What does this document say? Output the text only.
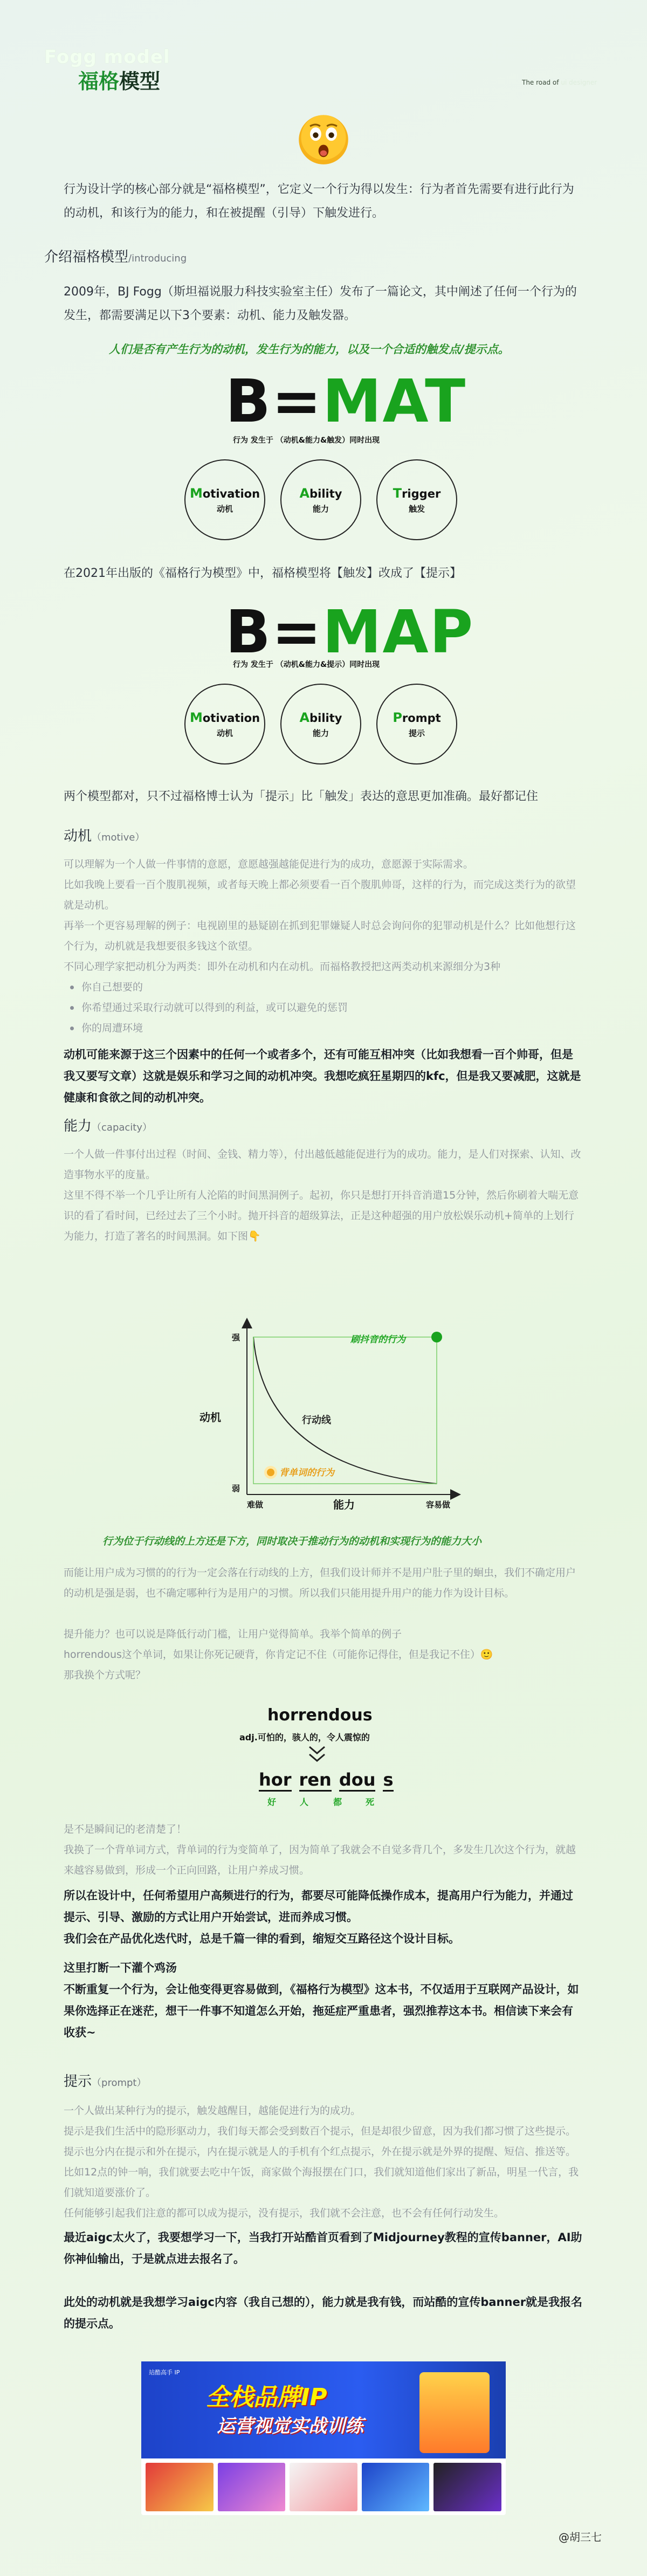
Fogg model
福格模型	The road of ui designer
行为设计学的核心部分就是“福格模型”，它定义一个行为得以发生：行为者首先需要有进行此行为的动机，和该行为的能力，和在被提醒（引导）下触发进行。
介绍福格模型/introducing
2009年，BJ Fogg（斯坦福说服力科技实验室主任）发布了一篇论文，其中阐述了任何一个行为的发生，都需要满足以下3个要素：动机、能力及触发器。
人们是否有产生行为的动机，发生行为的能力，以及一个合适的触发点/提示点。
B=MAT
行为 发生于 （动机&能力&触发）同时出现
Motivation
动机
Ability
能力
Trigger
触发
在2021年出版的《福格行为模型》中，福格模型将【触发】改成了【提示】
B=MAP
行为 发生于 （动机&能力&提示）同时出现
Motivation
动机
Ability
能力
Prompt
提示
两个模型都对，只不过福格博士认为「提示」比「触发」表达的意思更加准确。最好都记住
动机（motive）
可以理解为一个人做一件事情的意愿，意愿越强越能促进行为的成功，意愿源于实际需求。
比如我晚上要看一百个腹肌视频，或者每天晚上都必须要看一百个腹肌帅哥，这样的行为，而完成这类行为的欲望就是动机。
再举一个更容易理解的例子：电视剧里的悬疑剧在抓到犯罪嫌疑人时总会询问你的犯罪动机是什么？比如他想行这个行为，动机就是我想要很多钱这个欲望。
不同心理学家把动机分为两类：即外在动机和内在动机。而福格教授把这两类动机来源细分为3种
你自己想要的
你希望通过采取行动就可以得到的利益，或可以避免的惩罚
你的周遭环境
动机可能来源于这三个因素中的任何一个或者多个，还有可能互相冲突（比如我想看一百个帅哥，但是我又要写文章）这就是娱乐和学习之间的动机冲突。我想吃疯狂星期四的kfc，但是我又要减肥，这就是健康和食欲之间的动机冲突。
能力（capacity）
一个人做一件事付出过程（时间、金钱、精力等），付出越低越能促进行为的成功。能力，是人们对探索、认知、改造事物水平的度量。
这里不得不举一个几乎让所有人沦陷的时间黑洞例子。起初，你只是想打开抖音消遣15分钟，然后你刷着大喘无意识的看了看时间，已经过去了三个小时。抛开抖音的超级算法，正是这种超强的用户放松娱乐动机+简单的上划行为能力，打造了著名的时间黑洞。如下图👇
强
弱
动机
难做	容易做
能力
行动线
刷抖音的行为
背单词的行为
行为位于行动线的上方还是下方，同时取决于推动行为的动机和实现行为的能力大小
而能让用户成为习惯的的行为一定会落在行动线的上方，但我们设计师并不是用户肚子里的蛔虫，我们不确定用户的动机是强是弱，也不确定哪种行为是用户的习惯。所以我们只能用提升用户的能力作为设计目标。
提升能力？也可以说是降低行动门槛，让用户觉得简单。我举个简单的例子
horrendous这个单词，如果让你死记硬背，你肯定记不住（可能你记得住，但是我记不住）🙂
那我换个方式呢？
horrendous
adj.可怕的，骇人的，令人震惊的
hor ren dou s
好	人	都	死
是不是瞬间记的老清楚了！
我换了一个背单词方式，背单词的行为变简单了，因为简单了我就会不自觉多背几个，多发生几次这个行为，就越来越容易做到，形成一个正向回路，让用户养成习惯。
所以在设计中，任何希望用户高频进行的行为，都要尽可能降低操作成本，提高用户行为能力，并通过提示、引导、激励的方式让用户开始尝试，进而养成习惯。
我们会在产品优化迭代时，总是千篇一律的看到，缩短交互路径这个设计目标。
这里打断一下灌个鸡汤
不断重复一个行为，会让他变得更容易做到，《福格行为模型》这本书，不仅适用于互联网产品设计，如果你选择正在迷茫，想干一件事不知道怎么开始，拖延症严重患者，强烈推荐这本书。相信读下来会有收获~
提示（prompt）
一个人做出某种行为的提示，触发越醒目，越能促进行为的成功。
提示是我们生活中的隐形驱动力，我们每天都会受到数百个提示，但是却很少留意，因为我们都习惯了这些提示。提示也分内在提示和外在提示，内在提示就是人的手机有个红点提示，外在提示就是外界的提醒、短信、推送等。比如12点的钟一响，我们就要去吃中午饭，商家做个海报摆在门口，我们就知道他们家出了新品，明星一代言，我们就知道要涨价了。
任何能够引起我们注意的都可以成为提示，没有提示，我们就不会注意，也不会有任何行动发生。
最近aigc太火了，我要想学习一下，当我打开站酷首页看到了Midjourney教程的宣传banner，AI助你神仙输出，于是就点进去报名了。
此处的动机就是我想学习aigc内容（我自己想的），能力就是我有钱，而站酷的宣传banner就是我报名的提示点。
站酷高手 IP
全栈品牌IP
运营视觉实战训练
@胡三七
